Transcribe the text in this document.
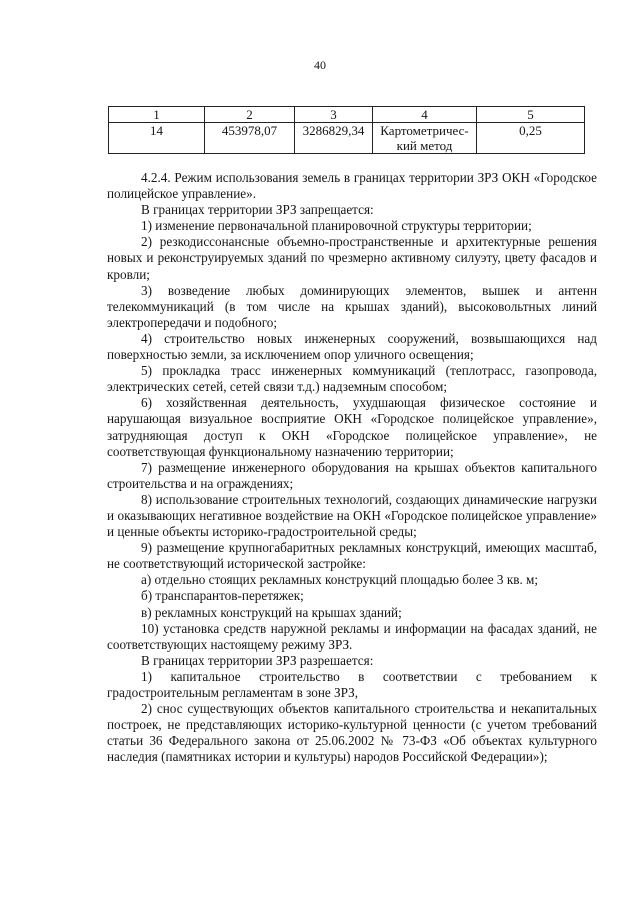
40
1	2	3	4	5
14	453978,07	3286829,34	Картометричес-кий метод	0,25

4.2.4. Режим использования земель в границах территории ЗРЗ ОКН «Городское полицейское управление».

В границах территории ЗРЗ запрещается:

1) изменение первоначальной планировочной структуры территории;

2) резкодиссонансные объемно-пространственные и архитектурные решения новых и реконструируемых зданий по чрезмерно активному силуэту, цвету фасадов и кровли;

3) возведение любых доминирующих элементов, вышек и антенн телекоммуникаций (в том числе на крышах зданий), высоковольтных линий электропередачи и подобного;

4) строительство новых инженерных сооружений, возвышающихся над поверхностью земли, за исключением опор уличного освещения;

5) прокладка трасс инженерных коммуникаций (теплотрасс, газопровода, электрических сетей, сетей связи т.д.) надземным способом;

6) хозяйственная деятельность, ухудшающая физическое состояние и нарушающая визуальное восприятие ОКН «Городское полицейское управление», затрудняющая доступ к ОКН «Городское полицейское управление», не соответствующая функциональному назначению территории;

7) размещение инженерного оборудования на крышах объектов капитального строительства и на ограждениях;

8) использование строительных технологий, создающих динамические нагрузки и оказывающих негативное воздействие на ОКН «Городское полицейское управление» и ценные объекты историко-градостроительной среды;

9) размещение крупногабаритных рекламных конструкций, имеющих масштаб, не соответствующий исторической застройке:

а) отдельно стоящих рекламных конструкций площадью более 3 кв. м;

б) транспарантов-перетяжек;

в) рекламных конструкций на крышах зданий;

10) установка средств наружной рекламы и информации на фасадах зданий, не соответствующих настоящему режиму ЗРЗ.

В границах территории ЗРЗ разрешается:

1) капитальное строительство в соответствии с требованием к градостроительным регламентам в зоне ЗРЗ,

2) снос существующих объектов капитального строительства и некапитальных построек, не представляющих историко-культурной ценности (с учетом требований статьи 36 Федерального закона от 25.06.2002 № 73-ФЗ «Об объектах культурного наследия (памятниках истории и культуры) народов Российской Федерации»);
